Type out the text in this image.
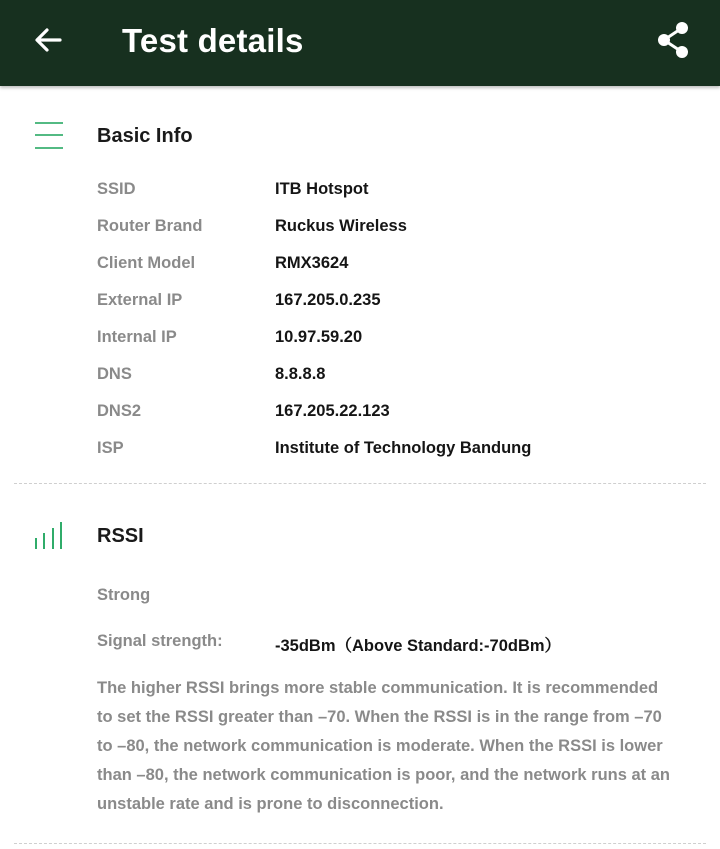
Test details
Basic Info
SSID	ITB Hotspot
Router Brand	Ruckus Wireless
Client Model	RMX3624
External IP	167.205.0.235
Internal IP	10.97.59.20
DNS	8.8.8.8
DNS2	167.205.22.123
ISP	Institute of Technology Bandung
RSSI
Strong
Signal strength:	-35dBm（Above Standard:-70dBm）
The higher RSSI brings more stable communication. It is recommended to set the RSSI greater than –70. When the RSSI is in the range from –70 to –80, the network communication is moderate. When the RSSI is lower than –80, the network communication is poor, and the network runs at an unstable rate and is prone to disconnection.
